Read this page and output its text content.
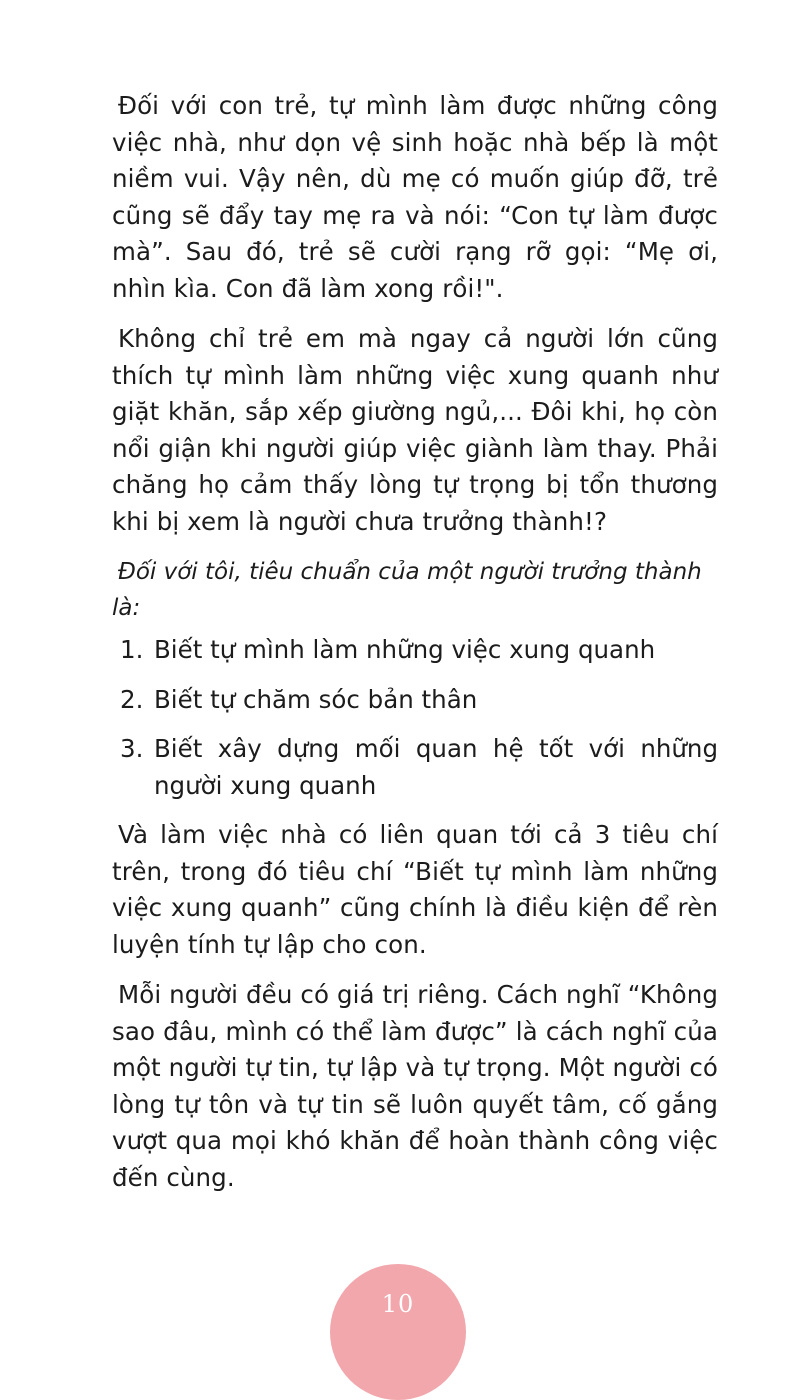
Đối với con trẻ, tự mình làm được những công việc nhà, như dọn vệ sinh hoặc nhà bếp là một niềm vui. Vậy nên, dù mẹ có muốn giúp đỡ, trẻ cũng sẽ đẩy tay mẹ ra và nói: “Con tự làm được mà”. Sau đó, trẻ sẽ cười rạng rỡ gọi: “Mẹ ơi, nhìn kìa. Con đã làm xong rồi!".

Không chỉ trẻ em mà ngay cả người lớn cũng thích tự mình làm những việc xung quanh như giặt khăn, sắp xếp giường ngủ,... Đôi khi, họ còn nổi giận khi người giúp việc giành làm thay. Phải chăng họ cảm thấy lòng tự trọng bị tổn thương khi bị xem là người chưa trưởng thành!?

Đối với tôi, tiêu chuẩn của một người trưởng thành là:

1. Biết tự mình làm những việc xung quanh
2. Biết tự chăm sóc bản thân
3. Biết xây dựng mối quan hệ tốt với những người xung quanh

Và làm việc nhà có liên quan tới cả 3 tiêu chí trên, trong đó tiêu chí “Biết tự mình làm những việc xung quanh” cũng chính là điều kiện để rèn luyện tính tự lập cho con.

Mỗi người đều có giá trị riêng. Cách nghĩ “Không sao đâu, mình có thể làm được” là cách nghĩ của một người tự tin, tự lập và tự trọng. Một người có lòng tự tôn và tự tin sẽ luôn quyết tâm, cố gắng vượt qua mọi khó khăn để hoàn thành công việc đến cùng.

10
